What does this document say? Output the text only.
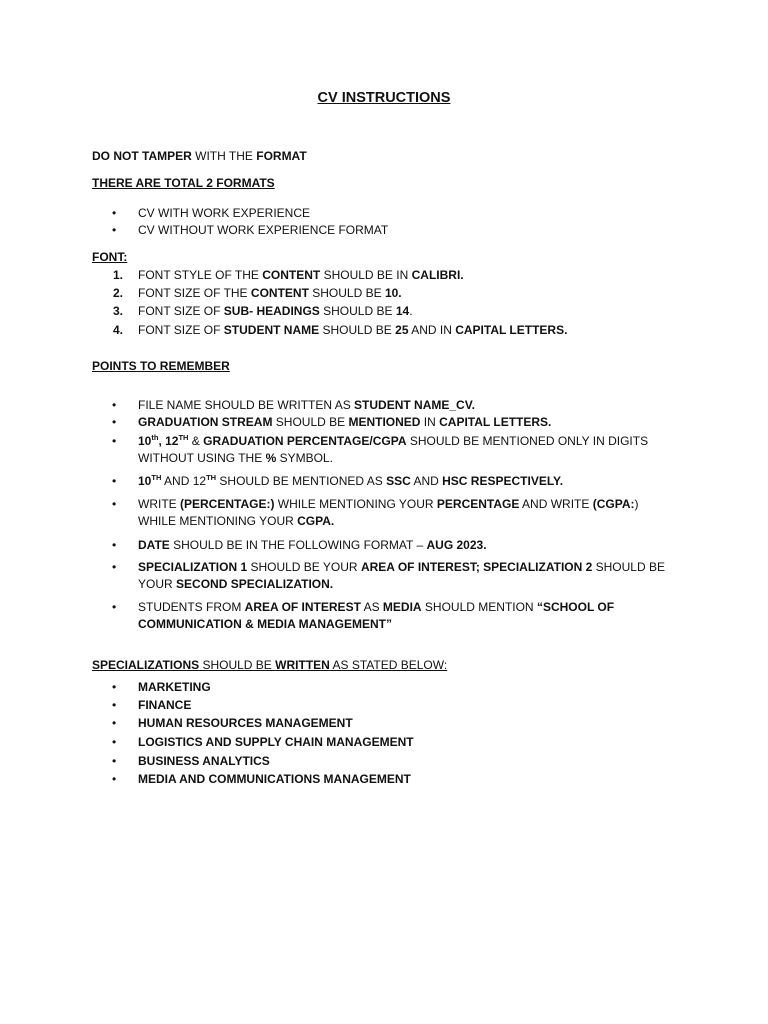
CV INSTRUCTIONS
DO NOT TAMPER WITH THE FORMAT
THERE ARE TOTAL 2 FORMATS
• CV WITH WORK EXPERIENCE
• CV WITHOUT WORK EXPERIENCE FORMAT
FONT:
1. FONT STYLE OF THE CONTENT SHOULD BE IN CALIBRI.
2. FONT SIZE OF THE CONTENT SHOULD BE 10.
3. FONT SIZE OF SUB- HEADINGS SHOULD BE 14.
4. FONT SIZE OF STUDENT NAME SHOULD BE 25 AND IN CAPITAL LETTERS.
POINTS TO REMEMBER
• FILE NAME SHOULD BE WRITTEN AS STUDENT NAME_CV.
• GRADUATION STREAM SHOULD BE MENTIONED IN CAPITAL LETTERS.
• 10th, 12TH & GRADUATION PERCENTAGE/CGPA SHOULD BE MENTIONED ONLY IN DIGITS
WITHOUT USING THE % SYMBOL.
• 10TH AND 12TH SHOULD BE MENTIONED AS SSC AND HSC RESPECTIVELY.
• WRITE (PERCENTAGE:) WHILE MENTIONING YOUR PERCENTAGE AND WRITE (CGPA:)
WHILE MENTIONING YOUR CGPA.
• DATE SHOULD BE IN THE FOLLOWING FORMAT – AUG 2023.
• SPECIALIZATION 1 SHOULD BE YOUR AREA OF INTEREST; SPECIALIZATION 2 SHOULD BE
YOUR SECOND SPECIALIZATION.
• STUDENTS FROM AREA OF INTEREST AS MEDIA SHOULD MENTION “SCHOOL OF
COMMUNICATION & MEDIA MANAGEMENT”
SPECIALIZATIONS SHOULD BE WRITTEN AS STATED BELOW:
• MARKETING
• FINANCE
• HUMAN RESOURCES MANAGEMENT
• LOGISTICS AND SUPPLY CHAIN MANAGEMENT
• BUSINESS ANALYTICS
• MEDIA AND COMMUNICATIONS MANAGEMENT
